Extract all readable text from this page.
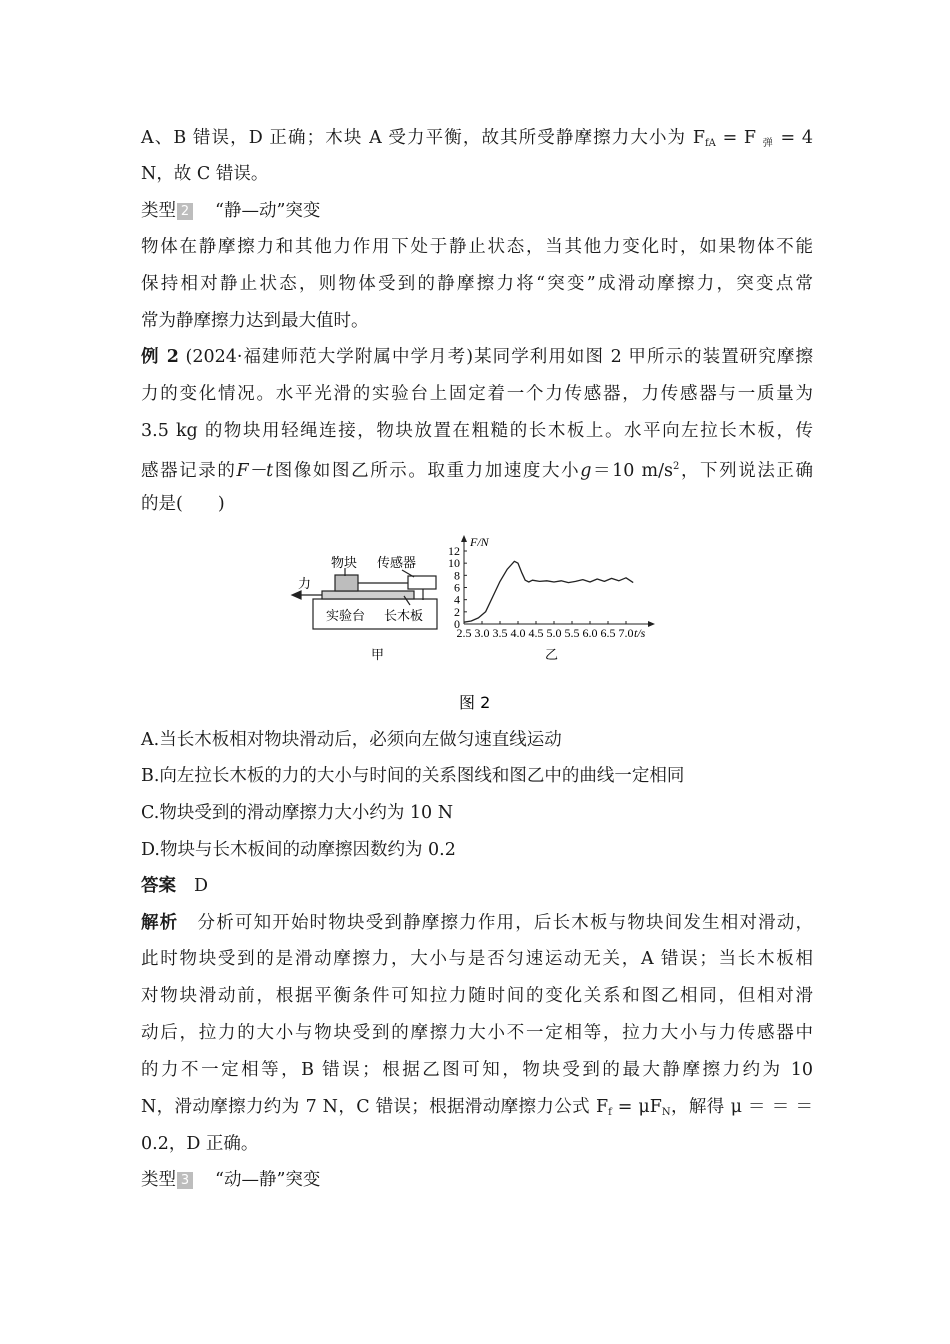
A、B 错误，D 正确；木块 A 受力平衡，故其所受静摩擦力大小为 $F_{fA} = F$ $_弹$ = 4
N，故 C 错误。
类型 2 “静—动”突变
物体在静摩擦力和其他力作用下处于静止状态，当其他力变化时，如果物体不能
保持相对静止状态，则物体受到的静摩擦力将“突变”成滑动摩擦力，突变点常
常为静摩擦力达到最大值时。
例 2 (2024·福建师范大学附属中学月考)某同学利用如图 2 甲所示的装置研究摩擦
力的变化情况。水平光滑的实验台上固定着一个力传感器，力传感器与一质量为
3.5 kg 的物块用轻绳连接，物块放置在粗糙的长木板上。水平向左拉长木板，传
感器记录的F－t图像如图乙所示。取重力加速度大小g＝10 $m/s^2$，下列说法正确
的是(　　)
物块 传感器
力
实验台 长木板
甲
F/N
t/s
0
2
4
6
8
10
12
2.5 3.0 3.5 4.0 4.5 5.0 5.5 6.0 6.5 7.0
乙
图 2
A.当长木板相对物块滑动后，必须向左做匀速直线运动
B.向左拉长木板的力的大小与时间的关系图线和图乙中的曲线一定相同
C.物块受到的滑动摩擦力大小约为 10 N
D.物块与长木板间的动摩擦因数约为 0.2
答案 D
解析 分析可知开始时物块受到静摩擦力作用，后长木板与物块间发生相对滑动，
此时物块受到的是滑动摩擦力，大小与是否匀速运动无关，A 错误；当长木板相
对物块滑动前，根据平衡条件可知拉力随时间的变化关系和图乙相同，但相对滑
动后，拉力的大小与物块受到的摩擦力大小不一定相等，拉力大小与力传感器中
的力不一定相等，B 错误；根据乙图可知，物块受到的最大静摩擦力约为 10
N，滑动摩擦力约为 7 N，C 错误；根据滑动摩擦力公式 $F_f = \mu F_N$，解得 μ ＝ ＝ ＝
0.2，D 正确。
类型 3 “动—静”突变
